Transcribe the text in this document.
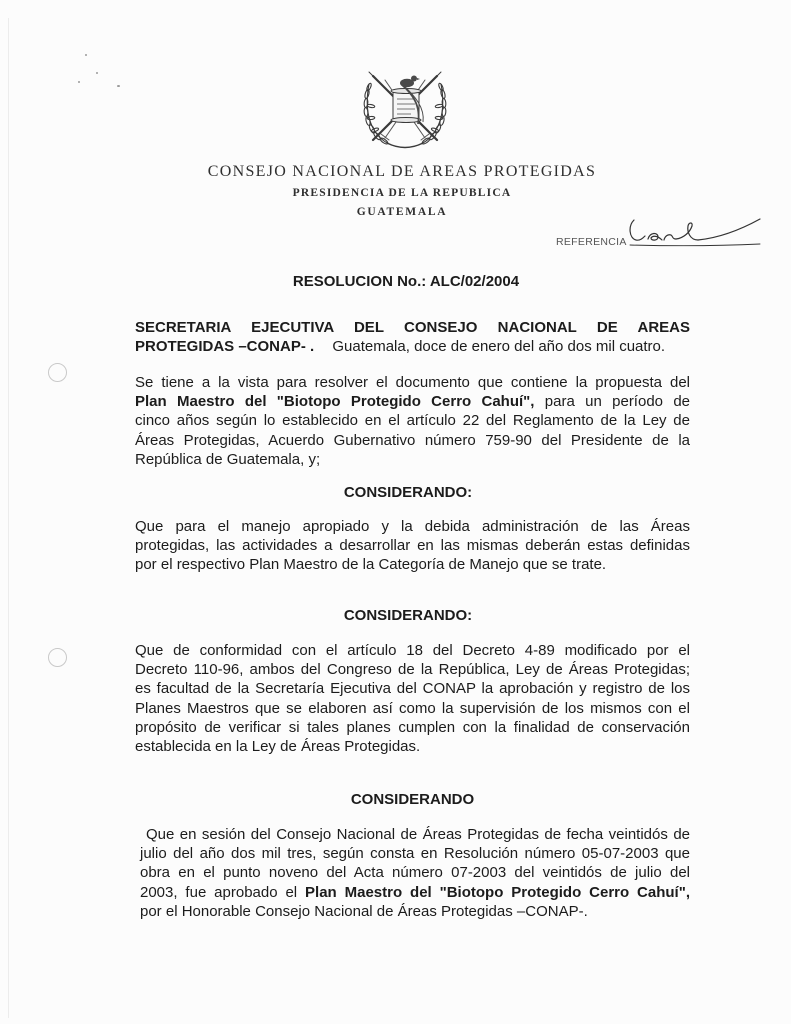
CONSEJO NACIONAL DE AREAS PROTEGIDAS
PRESIDENCIA DE LA REPUBLICA
GUATEMALA
REFERENCIA
RESOLUCION No.: ALC/02/2004
SECRETARIA EJECUTIVA DEL CONSEJO NACIONAL DE AREAS
PROTEGIDAS –CONAP- . Guatemala, doce de enero del año dos mil cuatro.
Se tiene a la vista para resolver el documento que contiene la propuesta del
Plan Maestro del "Biotopo Protegido Cerro Cahuí", para un período de
cinco años según lo establecido en el artículo 22 del Reglamento de la Ley de
Áreas Protegidas, Acuerdo Gubernativo número 759-90 del Presidente de la
República de Guatemala, y;
CONSIDERANDO:
Que para el manejo apropiado y la debida administración de las Áreas
protegidas, las actividades a desarrollar en las mismas deberán estas definidas
por el respectivo Plan Maestro de la Categoría de Manejo que se trate.
CONSIDERANDO:
Que de conformidad con el artículo 18 del Decreto 4-89 modificado por el
Decreto 110-96, ambos del Congreso de la República, Ley de Áreas Protegidas;
es facultad de la Secretaría Ejecutiva del CONAP la aprobación y registro de los
Planes Maestros que se elaboren así como la supervisión de los mismos con el
propósito de verificar si tales planes cumplen con la finalidad de conservación
establecida en la Ley de Áreas Protegidas.
CONSIDERANDO
Que en sesión del Consejo Nacional de Áreas Protegidas de fecha veintidós de
julio del año dos mil tres, según consta en Resolución número 05-07-2003 que
obra en el punto noveno del Acta número 07-2003 del veintidós de julio del
2003, fue aprobado el Plan Maestro del "Biotopo Protegido Cerro Cahuí",
por el Honorable Consejo Nacional de Áreas Protegidas –CONAP-.
